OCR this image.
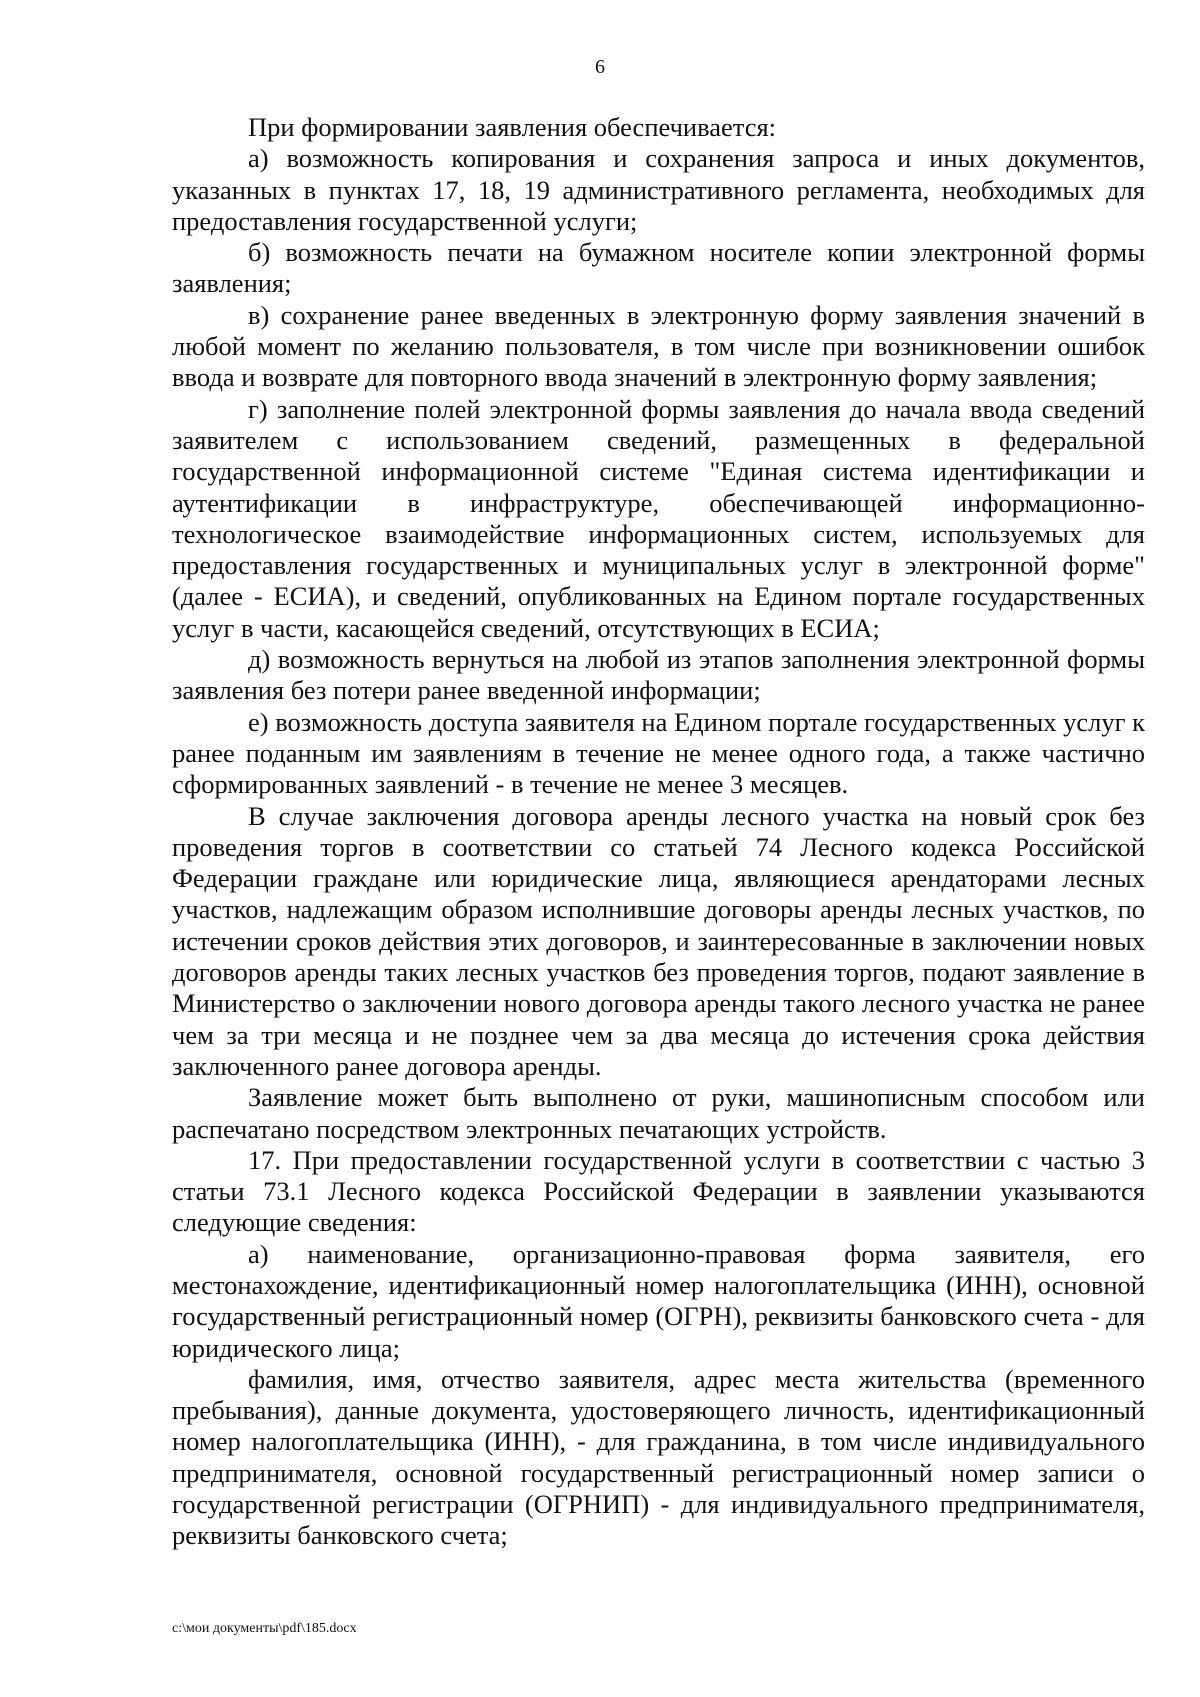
6

При формировании заявления обеспечивается:

а) возможность копирования и сохранения запроса и иных документов, указанных в пунктах 17, 18, 19 административного регламента, необходимых для предоставления государственной услуги;

б) возможность печати на бумажном носителе копии электронной формы заявления;

в) сохранение ранее введенных в электронную форму заявления значений в любой момент по желанию пользователя, в том числе при возникновении ошибок ввода и возврате для повторного ввода значений в электронную форму заявления;

г) заполнение полей электронной формы заявления до начала ввода сведений заявителем с использованием сведений, размещенных в федеральной государственной информационной системе "Единая система идентификации и аутентификации в инфраструктуре, обеспечивающей информационно-технологическое взаимодействие информационных систем, используемых для предоставления государственных и муниципальных услуг в электронной форме" (далее - ЕСИА), и сведений, опубликованных на Едином портале государственных услуг в части, касающейся сведений, отсутствующих в ЕСИА;

д) возможность вернуться на любой из этапов заполнения электронной формы заявления без потери ранее введенной информации;

е) возможность доступа заявителя на Едином портале государственных услуг к ранее поданным им заявлениям в течение не менее одного года, а также частично сформированных заявлений - в течение не менее 3 месяцев.

В случае заключения договора аренды лесного участка на новый срок без проведения торгов в соответствии со статьей 74 Лесного кодекса Российской Федерации граждане или юридические лица, являющиеся арендаторами лесных участков, надлежащим образом исполнившие договоры аренды лесных участков, по истечении сроков действия этих договоров, и заинтересованные в заключении новых договоров аренды таких лесных участков без проведения торгов, подают заявление в Министерство о заключении нового договора аренды такого лесного участка не ранее чем за три месяца и не позднее чем за два месяца до истечения срока действия заключенного ранее договора аренды.

Заявление может быть выполнено от руки, машинописным способом или распечатано посредством электронных печатающих устройств.

17. При предоставлении государственной услуги в соответствии с частью 3 статьи 73.1 Лесного кодекса Российской Федерации в заявлении указываются следующие сведения:

а) наименование, организационно-правовая форма заявителя, его местонахождение, идентификационный номер налогоплательщика (ИНН), основной государственный регистрационный номер (ОГРН), реквизиты банковского счета - для юридического лица;

фамилия, имя, отчество заявителя, адрес места жительства (временного пребывания), данные документа, удостоверяющего личность, идентификационный номер налогоплательщика (ИНН), - для гражданина, в том числе индивидуального предпринимателя, основной государственный регистрационный номер записи о государственной регистрации (ОГРНИП) - для индивидуального предпринимателя, реквизиты банковского счета;

c:\мои документы\pdf\185.docx
